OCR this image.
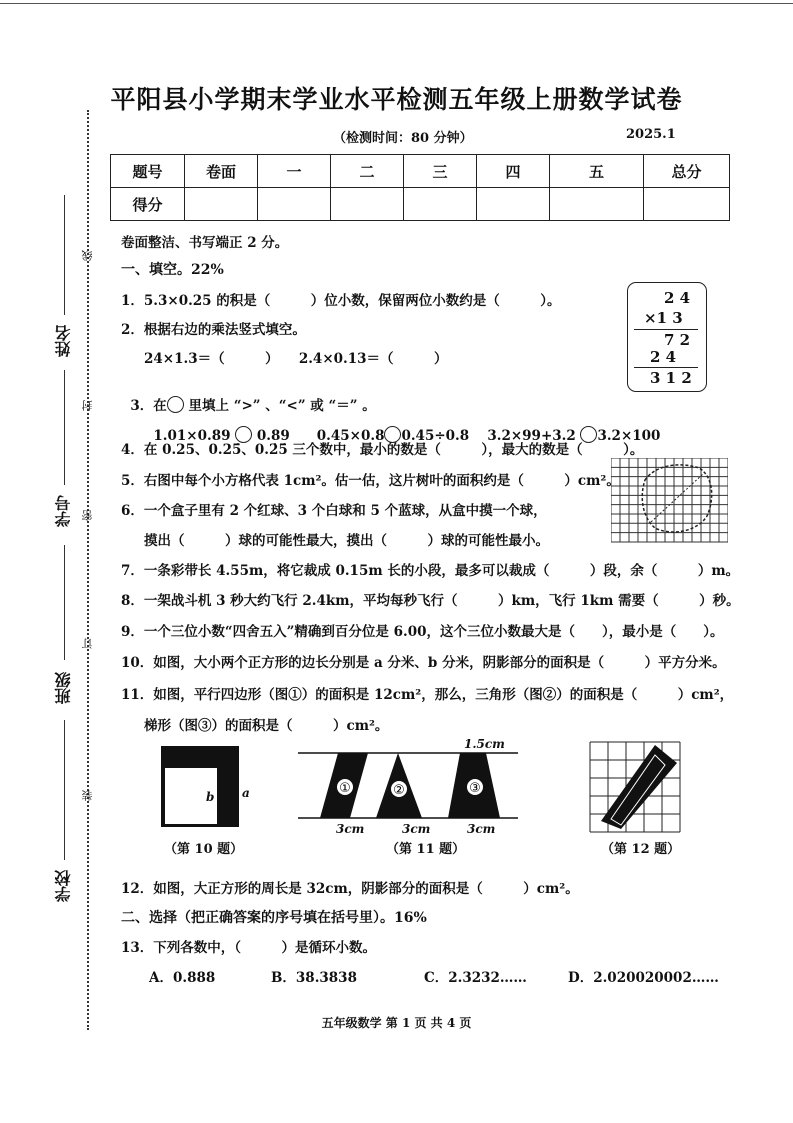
姓名
学号
班级
学校
线
封
密
订
装
平阳县小学期末学业水平检测五年级上册数学试卷
（检测时间：80 分钟）	2025.1
题号	卷面	一	二	三	四	五	总分
得分							
卷面整洁、书写端正 2 分。
一、填空。22%
1．5.3×0.25 的积是（　　　）位小数，保留两位小数约是（　　　）。
2．根据右边的乘法竖式填空。
24×1.3＝（　　　）　　2.4×0.13＝（　　　）

3．在 里填上 “>” 、“<” 或 “＝” 。

1.01×0.89 0.89　　 0.45×0.8 0.45÷0.8　 3.2×99+3.2 3.2×100

4．在 0.25、0.25̇、0.2̇5̇ 三个数中，最小的数是（　　　），最大的数是（　　　）。
5．右图中每个小方格代表 1cm²。估一估，这片树叶的面积约是（　　　）cm²。
6．一个盒子里有 2 个红球、3 个白球和 5 个蓝球，从盒中摸一个球，
摸出（　　　）球的可能性最大，摸出（　　　）球的可能性最小。
7．一条彩带长 4.55m，将它裁成 0.15m 长的小段，最多可以裁成（　　　）段，余（　　　）m。
8．一架战斗机 3 秒大约飞行 2.4km，平均每秒飞行（　　　）km，飞行 1km 需要（　　　）秒。
9．一个三位小数“四舍五入”精确到百分位是 6.00，这个三位小数最大是（　　），最小是（　　）。
10．如图，大小两个正方形的边长分别是 a 分米、b 分米，阴影部分的面积是（　　　）平方分米。
11．如图，平行四边形（图①）的面积是 12cm²，那么，三角形（图②）的面积是（　　　）cm²，
梯形（图③）的面积是（　　　）cm²。
2 4
×1 3
7 2
2 4
3 1 2
b a
（第 10 题）
1.5cm
①	②	③
3cm	3cm	3cm
（第 11 题）	（第 12 题）
12．如图，大正方形的周长是 32cm，阴影部分的面积是（　　　）cm²。
二、选择（把正确答案的序号填在括号里）。16%
13．下列各数中，（　　　）是循环小数。
A．0.888	B．38.3838	C．2.3232……	D．2.020020002……
五年级数学 第 1 页 共 4 页
